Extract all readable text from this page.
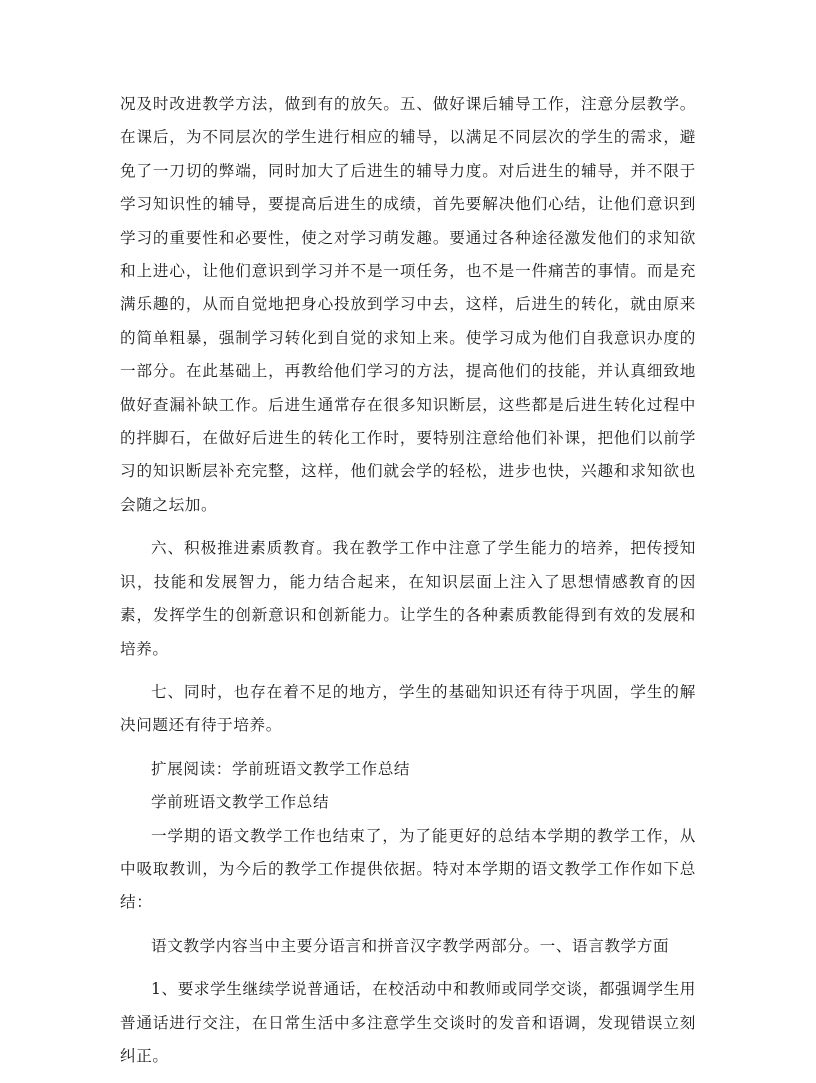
况及时改进教学方法，做到有的放矢。五、做好课后辅导工作，注意分层教学。在课后，为不同层次的学生进行相应的辅导，以满足不同层次的学生的需求，避免了一刀切的弊端，同时加大了后进生的辅导力度。对后进生的辅导，并不限于学习知识性的辅导，要提高后进生的成绩，首先要解决他们心结，让他们意识到学习的重要性和必要性，使之对学习萌发趣。要通过各种途径激发他们的求知欲和上进心，让他们意识到学习并不是一项任务，也不是一件痛苦的事情。而是充满乐趣的，从而自觉地把身心投放到学习中去，这样，后进生的转化，就由原来的简单粗暴，强制学习转化到自觉的求知上来。使学习成为他们自我意识办度的一部分。在此基础上，再教给他们学习的方法，提高他们的技能，并认真细致地做好查漏补缺工作。后进生通常存在很多知识断层，这些都是后进生转化过程中的拌脚石，在做好后进生的转化工作时，要特别注意给他们补课，把他们以前学习的知识断层补充完整，这样，他们就会学的轻松，进步也快，兴趣和求知欲也会随之坛加。

六、积极推进素质教育。我在教学工作中注意了学生能力的培养，把传授知识，技能和发展智力，能力结合起来，在知识层面上注入了思想情感教育的因素，发挥学生的创新意识和创新能力。让学生的各种素质教能得到有效的发展和培养。

七、同时，也存在着不足的地方，学生的基础知识还有待于巩固，学生的解决问题还有待于培养。

扩展阅读：学前班语文教学工作总结

学前班语文教学工作总结

一学期的语文教学工作也结束了，为了能更好的总结本学期的教学工作，从中吸取教训，为今后的教学工作提供依据。特对本学期的语文教学工作作如下总结：

语文教学内容当中主要分语言和拼音汉字教学两部分。一、语言教学方面

1、要求学生继续学说普通话，在校活动中和教师或同学交谈，都强调学生用普通话进行交注，在日常生活中多注意学生交谈时的发音和语调，发现错误立刻纠正。
